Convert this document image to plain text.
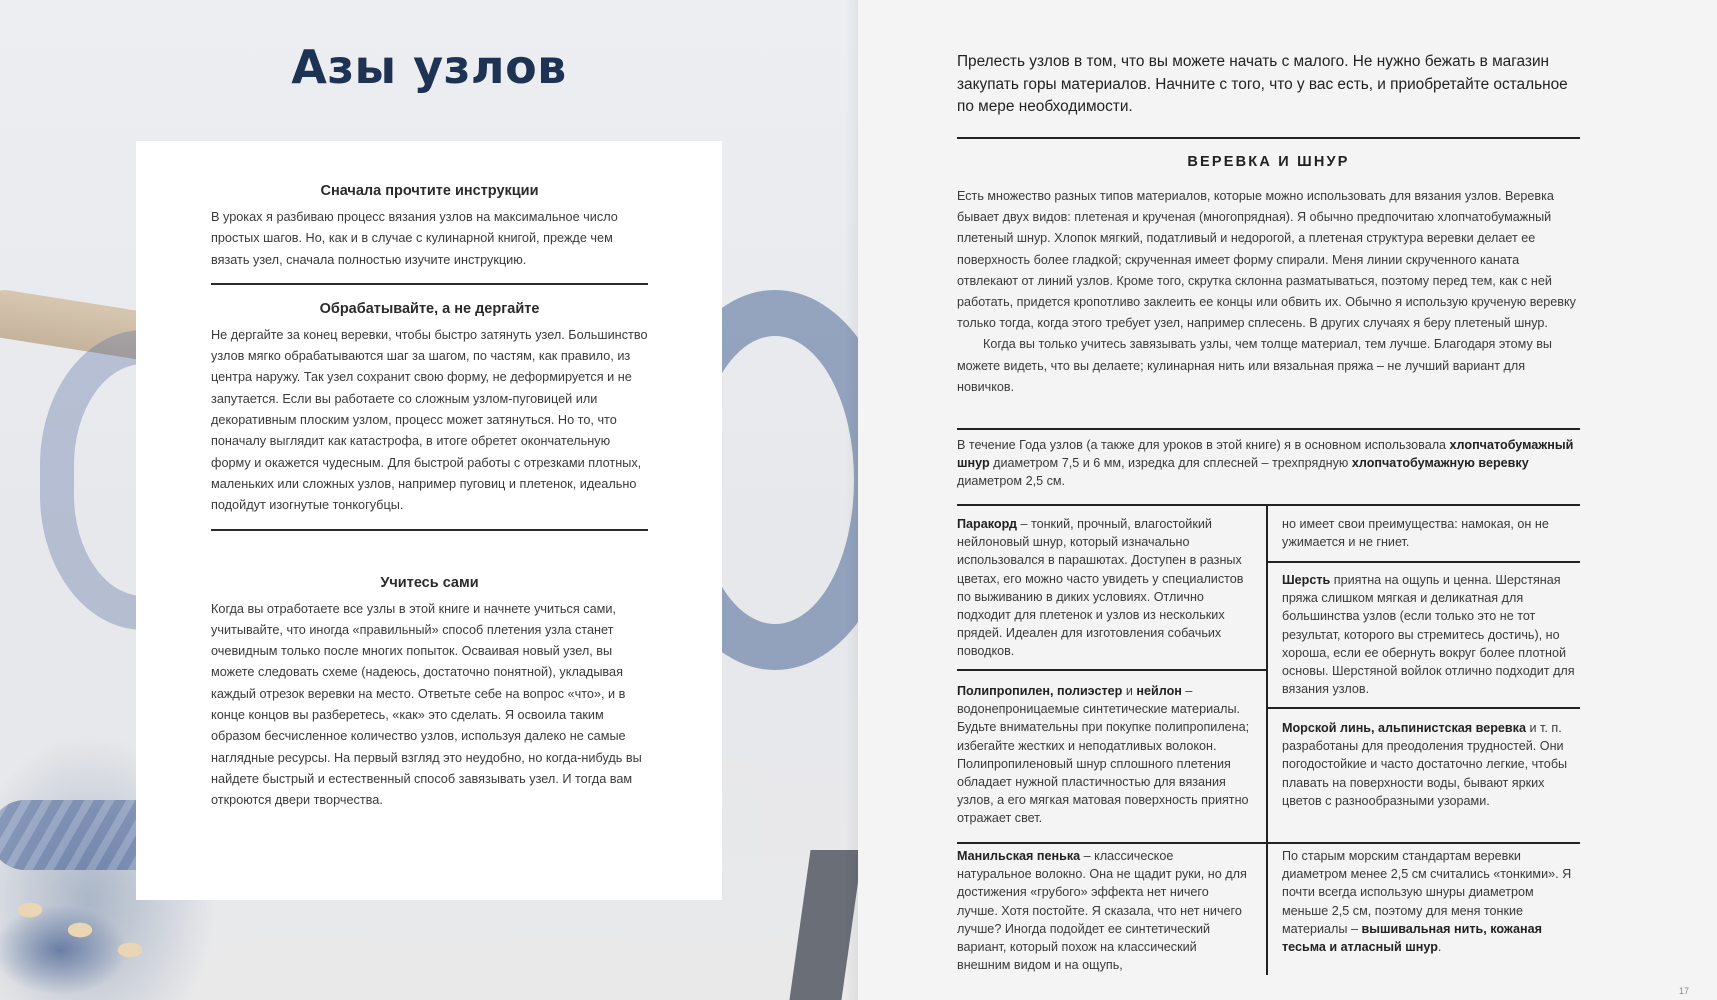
Азы узлов
Сначала прочтите инструкции

В уроках я разбиваю процесс вязания узлов на максимальное число простых шагов. Но, как и в случае с кулинарной книгой, прежде чем вязать узел, сначала полностью изучите инструкцию.

Обрабатывайте, а не дергайте

Не дергайте за конец веревки, чтобы быстро затянуть узел. Большинство узлов мягко обрабатываются шаг за шагом, по частям, как правило, из центра наружу. Так узел сохранит свою форму, не деформируется и не запутается. Если вы работаете со сложным узлом-пуговицей или декоративным плоским узлом, процесс может затянуться. Но то, что поначалу выглядит как катастрофа, в итоге обретет окончательную форму и окажется чудесным. Для быстрой работы с отрезками плотных, маленьких или сложных узлов, например пуговиц и плетенок, идеально подойдут изогнутые тонкогубцы.

Учитесь сами

Когда вы отработаете все узлы в этой книге и начнете учиться сами, учитывайте, что иногда «правильный» способ плетения узла станет очевидным только после многих попыток. Осваивая новый узел, вы можете следовать схеме (надеюсь, достаточно понятной), укладывая каждый отрезок веревки на место. Ответьте себе на вопрос «что», и в конце концов вы разберетесь, «как» это сделать. Я освоила таким образом бесчисленное количество узлов, используя далеко не самые наглядные ресурсы. На первый взгляд это неудобно, но когда-нибудь вы найдете быстрый и естественный способ завязывать узел. И тогда вам откроются двери творчества.

Прелесть узлов в том, что вы можете начать с малого. Не нужно бежать в магазин закупать горы материалов. Начните с того, что у вас есть, и приобретайте остальное по мере необходимости.

ВЕРЕВКА И ШНУР

Есть множество разных типов материалов, которые можно использовать для вязания узлов. Веревка бывает двух видов: плетеная и крученая (многопрядная). Я обычно предпочитаю хлопчатобумажный плетеный шнур. Хлопок мягкий, податливый и недорогой, а плетеная структура веревки делает ее поверхность более гладкой; скрученная имеет форму спирали. Меня линии скрученного каната отвлекают от линий узлов. Кроме того, скрутка склонна разматываться, поэтому перед тем, как с ней работать, придется кропотливо заклеить ее концы или обвить их. Обычно я использую крученую веревку только тогда, когда этого требует узел, например сплесень. В других случаях я беру плетеный шнур.

Когда вы только учитесь завязывать узлы, чем толще материал, тем лучше. Благодаря этому вы можете видеть, что вы делаете; кулинарная нить или вязальная пряжа – не лучший вариант для новичков.

В течение Года узлов (а также для уроков в этой книге) я в основном использовала хлопчатобумажный шнур диаметром 7,5 и 6 мм, изредка для сплесней – трехпрядную хлопчатобумажную веревку диаметром 2,5 см.

Паракорд – тонкий, прочный, влагостойкий нейлоновый шнур, который изначально использовался в парашютах. Доступен в разных цветах, его можно часто увидеть у специалистов по выживанию в диких условиях. Отлично подходит для плетенок и узлов из нескольких прядей. Идеален для изготовления собачьих поводков.

Полипропилен, полиэстер и нейлон – водонепроницаемые синтетические материалы. Будьте внимательны при покупке полипропилена; избегайте жестких и неподатливых волокон. Полипропиленовый шнур сплошного плетения обладает нужной пластичностью для вязания узлов, а его мягкая матовая поверхность приятно отражает свет.

Манильская пенька – классическое натуральное волокно. Она не щадит руки, но для достижения «грубого» эффекта нет ничего лучше. Хотя постойте. Я сказала, что нет ничего лучше? Иногда подойдет ее синтетический вариант, который похож на классический внешним видом и на ощупь,

но имеет свои преимущества: намокая, он не ужимается и не гниет.

Шерсть приятна на ощупь и ценна. Шерстяная пряжа слишком мягкая и деликатная для большинства узлов (если только это не тот результат, которого вы стремитесь достичь), но хороша, если ее обернуть вокруг более плотной основы. Шерстяной войлок отлично подходит для вязания узлов.

Морской линь, альпинистская веревка и т. п. разработаны для преодоления трудностей. Они погодостойкие и часто достаточно легкие, чтобы плавать на поверхности воды, бывают ярких цветов с разнообразными узорами.

По старым морским стандартам веревки диаметром менее 2,5 см считались «тонкими». Я почти всегда использую шнуры диаметром меньше 2,5 см, поэтому для меня тонкие материалы – вышивальная нить, кожаная тесьма и атласный шнур.

17
